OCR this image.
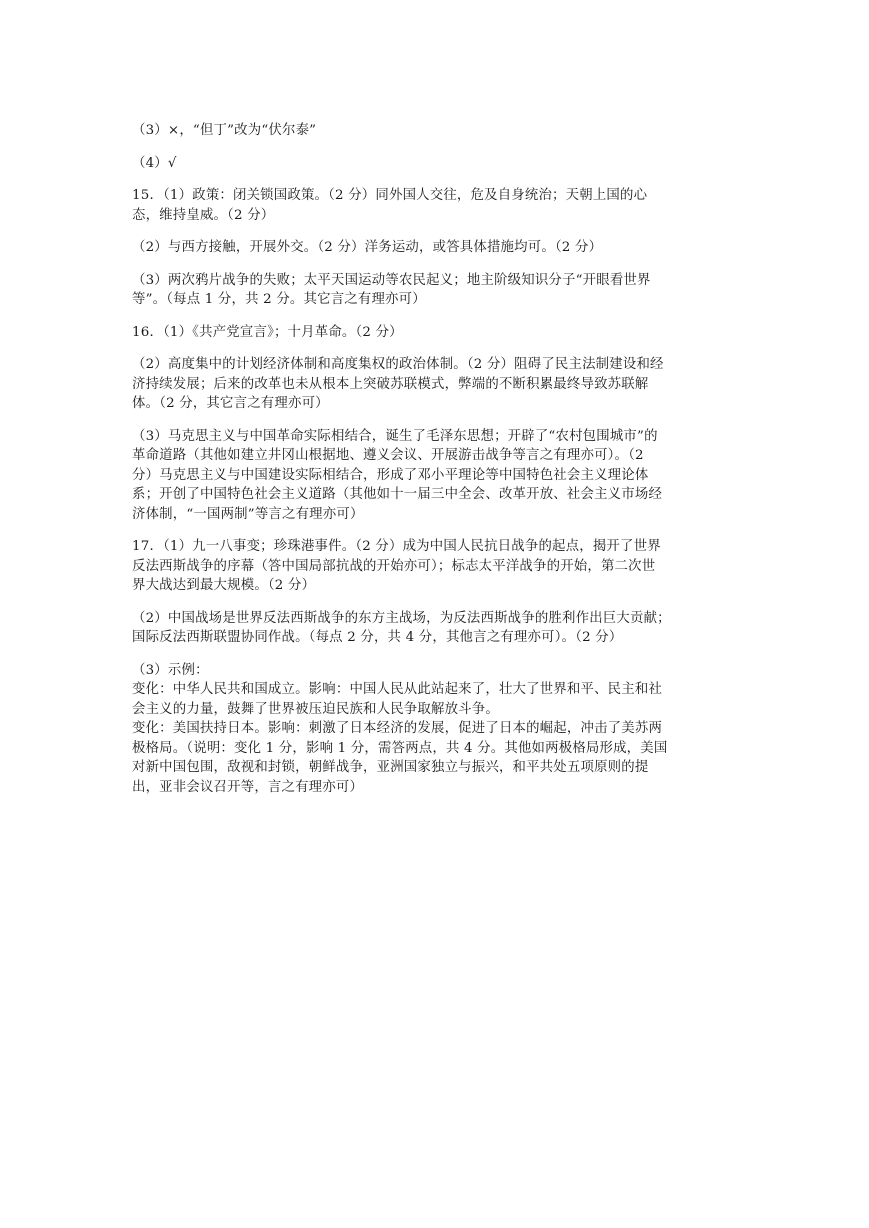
（3）×，“但丁”改为“伏尔泰”
（4）√
15．（1）政策：闭关锁国政策。（2 分）同外国人交往，危及自身统治；天朝上国的心
态，维持皇威。（2 分）
（2）与西方接触，开展外交。（2 分）洋务运动，或答具体措施均可。（2 分）
（3）两次鸦片战争的失败；太平天国运动等农民起义；地主阶级知识分子“开眼看世界
等”。（每点 1 分，共 2 分。其它言之有理亦可）
16．（1）《共产党宣言》；十月革命。（2 分）
（2）高度集中的计划经济体制和高度集权的政治体制。（2 分）阻碍了民主法制建设和经
济持续发展；后来的改革也未从根本上突破苏联模式，弊端的不断积累最终导致苏联解
体。（2 分，其它言之有理亦可）
（3）马克思主义与中国革命实际相结合，诞生了毛泽东思想；开辟了“农村包围城市”的
革命道路（其他如建立井冈山根据地、遵义会议、开展游击战争等言之有理亦可）。（2
分）马克思主义与中国建设实际相结合，形成了邓小平理论等中国特色社会主义理论体
系；开创了中国特色社会主义道路（其他如十一届三中全会、改革开放、社会主义市场经
济体制，“一国两制”等言之有理亦可）
17．（1）九一八事变；珍珠港事件。（2 分）成为中国人民抗日战争的起点，揭开了世界
反法西斯战争的序幕（答中国局部抗战的开始亦可）；标志太平洋战争的开始，第二次世
界大战达到最大规模。（2 分）
（2）中国战场是世界反法西斯战争的东方主战场，为反法西斯战争的胜利作出巨大贡献；
国际反法西斯联盟协同作战。（每点 2 分，共 4 分，其他言之有理亦可）。（2 分）
（3）示例：
变化：中华人民共和国成立。影响：中国人民从此站起来了，壮大了世界和平、民主和社
会主义的力量，鼓舞了世界被压迫民族和人民争取解放斗争。
变化：美国扶持日本。影响：刺激了日本经济的发展，促进了日本的崛起，冲击了美苏两
极格局。（说明：变化 1 分，影响 1 分，需答两点，共 4 分。其他如两极格局形成，美国
对新中国包围，敌视和封锁，朝鲜战争，亚洲国家独立与振兴，和平共处五项原则的提
出，亚非会议召开等，言之有理亦可）
